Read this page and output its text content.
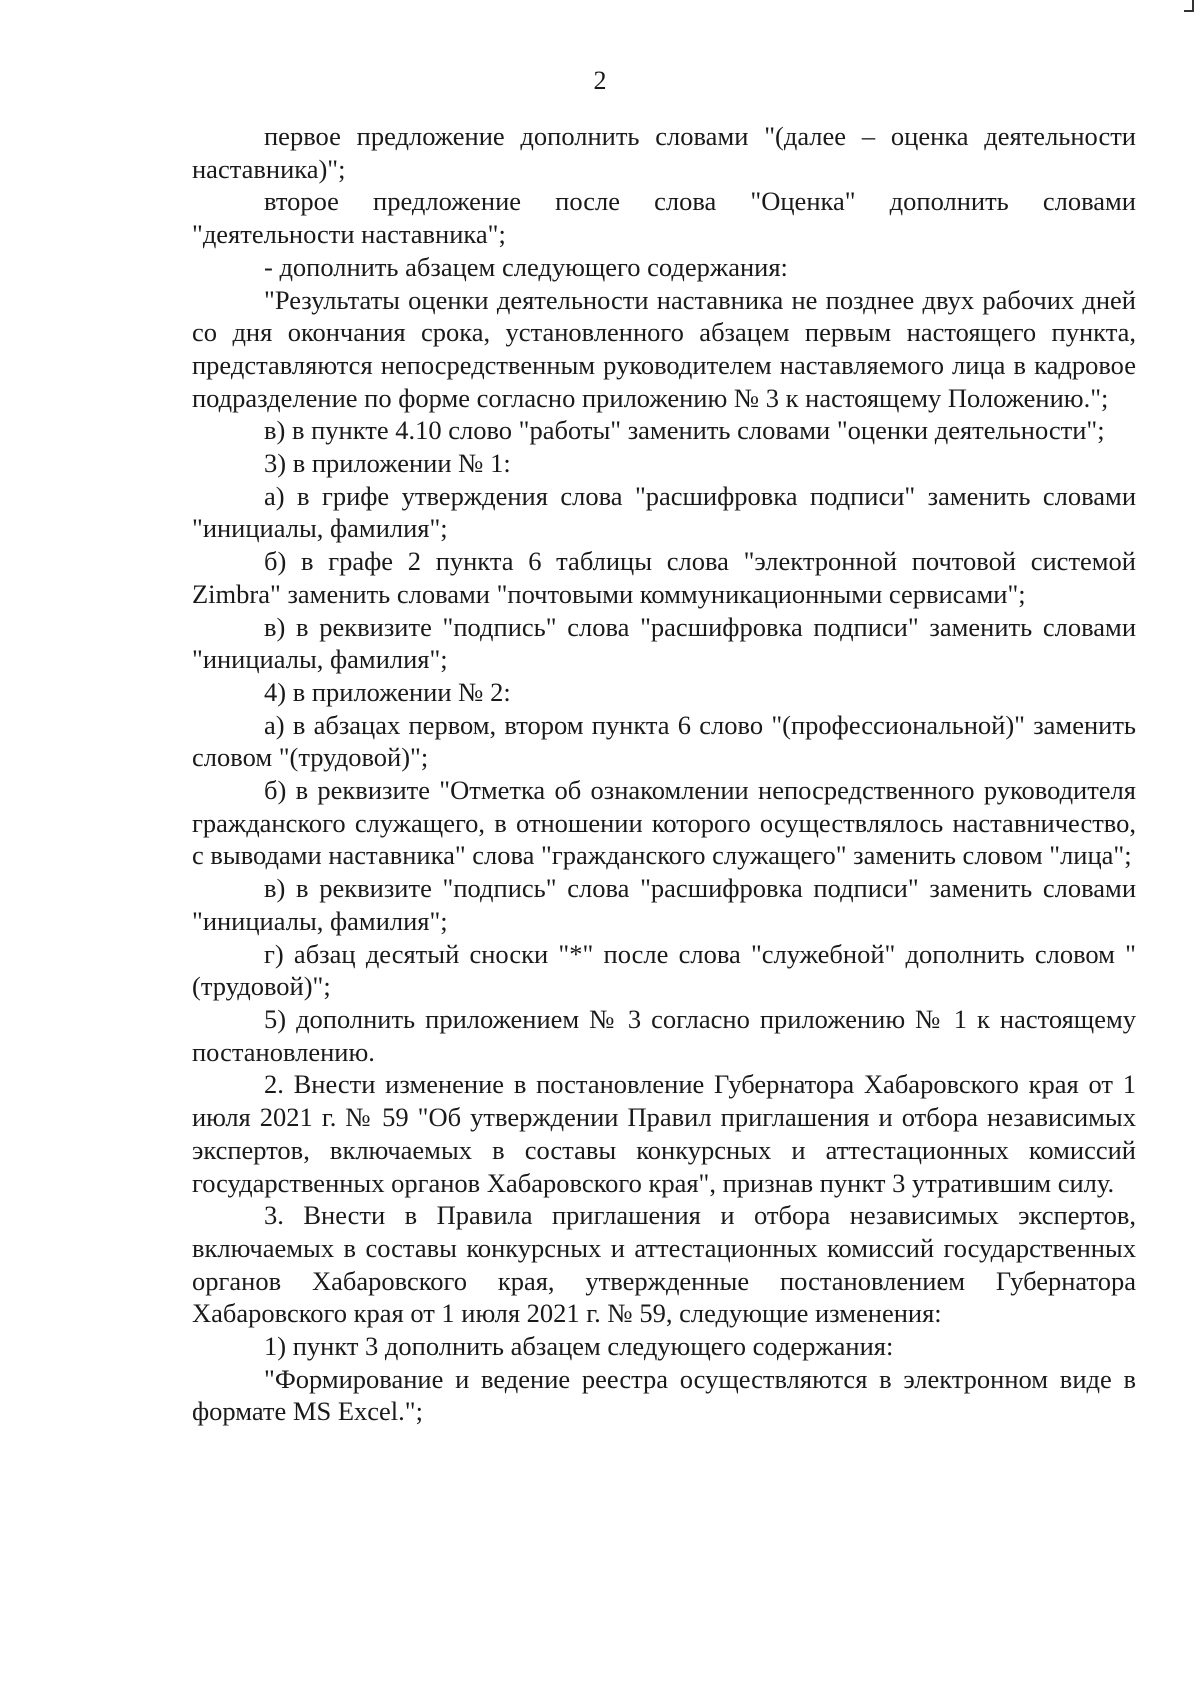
2

первое предложение дополнить словами "(далее – оценка деятельности наставника)";

второе предложение после слова "Оценка" дополнить словами "деятельности наставника";

- дополнить абзацем следующего содержания:

"Результаты оценки деятельности наставника не позднее двух рабочих дней со дня окончания срока, установленного абзацем первым настоящего пункта, представляются непосредственным руководителем наставляемого лица в кадровое подразделение по форме согласно приложению № 3 к настоящему Положению.";

в) в пункте 4.10 слово "работы" заменить словами "оценки деятельности";

3) в приложении № 1:

а) в грифе утверждения слова "расшифровка подписи" заменить словами "инициалы, фамилия";

б) в графе 2 пункта 6 таблицы слова "электронной почтовой системой Zimbra" заменить словами "почтовыми коммуникационными сервисами";

в) в реквизите "подпись" слова "расшифровка подписи" заменить словами "инициалы, фамилия";

4) в приложении № 2:

а) в абзацах первом, втором пункта 6 слово "(профессиональной)" заменить словом "(трудовой)";

б) в реквизите "Отметка об ознакомлении непосредственного руководителя гражданского служащего, в отношении которого осуществлялось наставничество, с выводами наставника" слова "гражданского служащего" заменить словом "лица";

в) в реквизите "подпись" слова "расшифровка подписи" заменить словами "инициалы, фамилия";

г) абзац десятый сноски "*" после слова "служебной" дополнить словом "(трудовой)";

5) дополнить приложением № 3 согласно приложению № 1 к настоящему постановлению.

2. Внести изменение в постановление Губернатора Хабаровского края от 1 июля 2021 г. № 59 "Об утверждении Правил приглашения и отбора независимых экспертов, включаемых в составы конкурсных и аттестационных комиссий государственных органов Хабаровского края", признав пункт 3 утратившим силу.

3. Внести в Правила приглашения и отбора независимых экспертов, включаемых в составы конкурсных и аттестационных комиссий государственных органов Хабаровского края, утвержденные постановлением Губернатора Хабаровского края от 1 июля 2021 г. № 59, следующие изменения:

1) пункт 3 дополнить абзацем следующего содержания:

"Формирование и ведение реестра осуществляются в электронном виде в формате MS Excel.";
